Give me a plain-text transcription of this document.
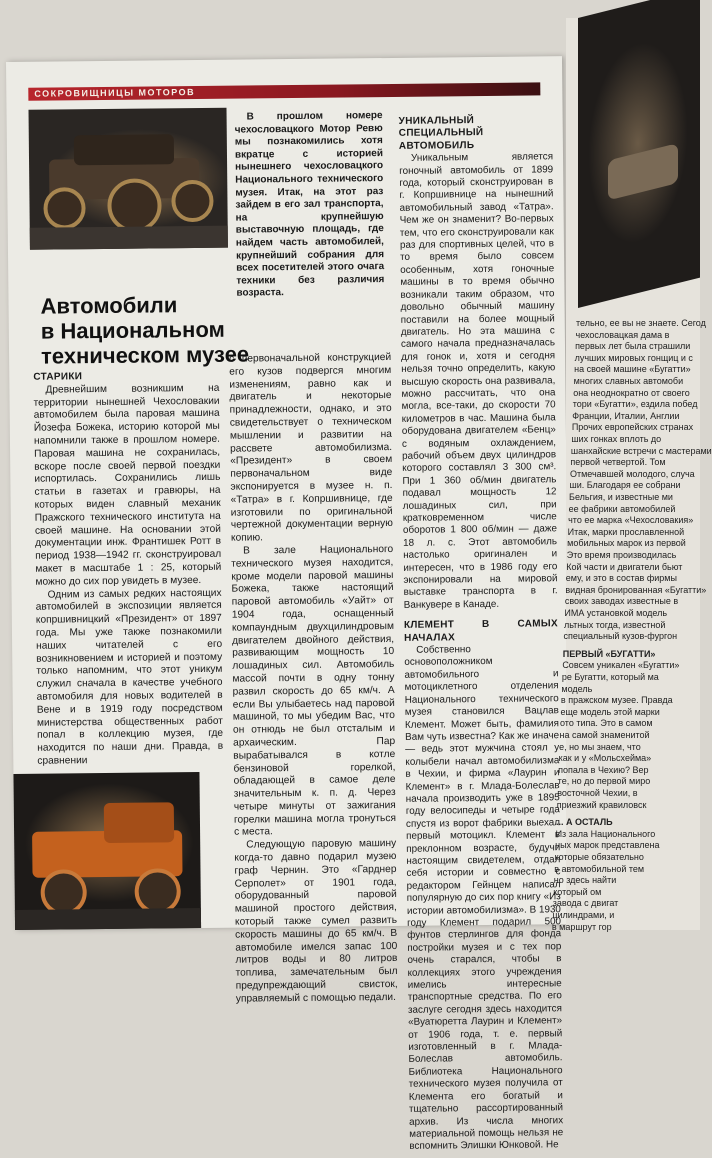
СОКРОВИЩНИЦЫ МОТОРОВ

В прошлом номере чехословацкого Мотор Ревю мы познакомились хотя вкратце с историей нынешнего чехословацкого Национального технического музея. Итак, на этот раз зайдем в его зал транспорта, на крупнейшую выставочную площадь, где найдем часть автомобилей, крупнейший собрания для всех посетителей этого очага техники без различия возраста.

Автомобили
в Национальном
техническом музее

СТАРИКИ

Древнейшим возникшим на территории нынешней Чехословакии автомобилем была паровая машина Йозефа Божека, историю которой мы напомнили также в прошлом номере. Паровая машина не сохранилась, вскоре после своей первой поездки испортилась. Сохранились лишь статьи в газетах и гравюры, на которых виден славный механик Пражского технического института на своей машине. На основании этой документации инж. Франтишек Ротт в период 1938—1942 гг. сконструировал макет в масштабе 1 : 25, который можно до сих пор увидеть в музее.

Одним из самых редких настоящих автомобилей в экспозиции является копршивницкий «Президент» от 1897 года. Мы уже также познакомили наших читателей с его возникновением и историей и поэтому только напомним, что этот уникум служил сначала в качестве учебного автомобиля для новых водителей в Вене и в 1919 году посредством министерства общественных работ попал в коллекцию музея, где находится по наши дни. Правда, в сравнении

с первоначальной конструкцией его кузов подвергся многим изменениям, равно как и двигатель и некоторые принадлежности, однако, и это свидетельствует о техническом мышлении и развитии на рассвете автомобилизма. «Президент» в своем первоначальном виде экспонируется в музее н. п. «Татра» в г. Копршивнице, где изготовили по оригинальной чертежной документации верную копию.

В зале Национального технического музея находится, кроме модели паровой машины Божека, также настоящий паровой автомобиль «Уайт» от 1904 года, оснащенный компаундным двухцилиндровым двигателем двойного действия, развивающим мощность 10 лошадиных сил. Автомобиль массой почти в одну тонну развил скорость до 65 км/ч. А если Вы улыбаетесь над паровой машиной, то мы убедим Вас, что он отнюдь не был отсталым и архаическим. Пар вырабатывался в котле бензиновой горелкой, обладающей в самое деле значительным к. п. д. Через четыре минуты от зажигания горелки машина могла тронуться с места.

Следующую паровую машину когда-то давно подарил музею граф Чернин. Это «Гарднер Серполет» от 1901 года, оборудованный паровой машиной простого действия, который также сумел развить скорость машины до 65 км/ч. В автомобиле имелся запас 100 литров воды и 80 литров топлива, замечательным был предупреждающий свисток, управляемый с помощью педали.

УНИКАЛЬНЫЙ СПЕЦИАЛЬНЫЙ АВТОМОБИЛЬ

Уникальным является гоночный автомобиль от 1899 года, который сконструирован в г. Копршивнице на нынешний автомобильный завод «Татра». Чем же он знаменит? Во-первых тем, что его сконструировали как раз для спортивных целей, что в то время было совсем особенным, хотя гоночные машины в то время обычно возникали таким образом, что довольно обычный машину поставили на более мощный двигатель. Но эта машина с самого начала предназначалась для гонок и, хотя и сегодня нельзя точно определить, какую высшую скорость она развивала, можно рассчитать, что она могла, все-таки, до скорости 70 километров в час. Машина была оборудована двигателем «Бенц» с водяным охлаждением, рабочий объем двух цилиндров которого составлял 3 300 см³. При 1 360 об/мин двигатель подавал мощность 12 лошадиных сил, при кратковременном числе оборотов 1 800 об/мин — даже 18 л. с. Этот автомобиль настолько оригинален и интересен, что в 1986 году его экспонировали на мировой выставке транспорта в г. Ванкувере в Канаде.

КЛЕМЕНТ В САМЫХ НАЧАЛАХ

Собственно основоположником автомобильного и мотоциклетного отделения Национального технического музея становился Вацлав Клемент. Может быть, фамилия Вам чуть известна? Как же иначе — ведь этот мужчина стоял у колыбели начал автомобилизма в Чехии, и фирма «Лаурин и Клемент» в г. Млада-Болеслав начала производить уже в 1895 году велосипеды и четыре года спустя из ворот фабрики выехал первый мотоцикл. Клемент в преклонном возрасте, будучи настоящим свидетелем, отдал себя истории и совместно с редактором Гейнцем написал популярную до сих пор книгу «Из истории автомобилизма». В 1930 году Клемент подарил 500 фунтов стерлингов для фонда постройки музея и с тех пор очень старался, чтобы в коллекциях этого учреждения имелись интересные транспортные средства. По его заслуге сегодня здесь находится «Вуатюретта Лаурин и Клемент» от 1906 года, т. е. первый изготовленный в г. Млада-Болеслав автомобиль. Библиотека Национального технического музея получила от Клемента его богатый и тщательно рассортированный архив. Из числа многих материальной помощь нельзя не вспомнить Элишки Юнковой. Не

тельно, ее вы не знаете. Сегод
чехословацкая дама в
первых лет была страшили
лучших мировых гонщиц и с
на своей машине «Бугатти»
многих славных автомоби
она неоднократно от своего
тори «Бугатти», ездила побед
Франции, Италии, Англии
Прочих европейских странах
ших гонках вплоть до
шанхайские встречи с мастерами
первой четвертой. Том
Отмечавшей молодого, случа
ши. Благодаря ее собрани
Бельгия, и известные ми
ее фабрики автомобилей
что ее марка «Чехословакия»
Итак, марки прославленной
мобильных марок из первой
Это время производилась
Кой части и двигатели бьют
ему, и это в состав фирмы
видная бронированная «Бугатти»
своих заводах известные в
ИМА установкой модель
льтных тогда, известной
специальный кузов-фургон
ПЕРВЫЙ «БУГАТТИ»
Совсем уникален «Бугатти»
ре Бугатти, который ма
модель
в пражском музее. Правда
еще модель этой марки
ото типа. Это в самом
на самой знаменитой
е, но мы знаем, что
как и у «Мольсхейма»
попала в Чехию? Вер
те, но до первой миро
восточной Чехии, в
приезжий кравиловск
... А ОСТАЛЬ
Из зала Национального
ных марок представлена
которые обязательно
в автомобильной тем
но здесь найти
который ом
завода с двигат
цилиндрами, и
в маршрут гор
